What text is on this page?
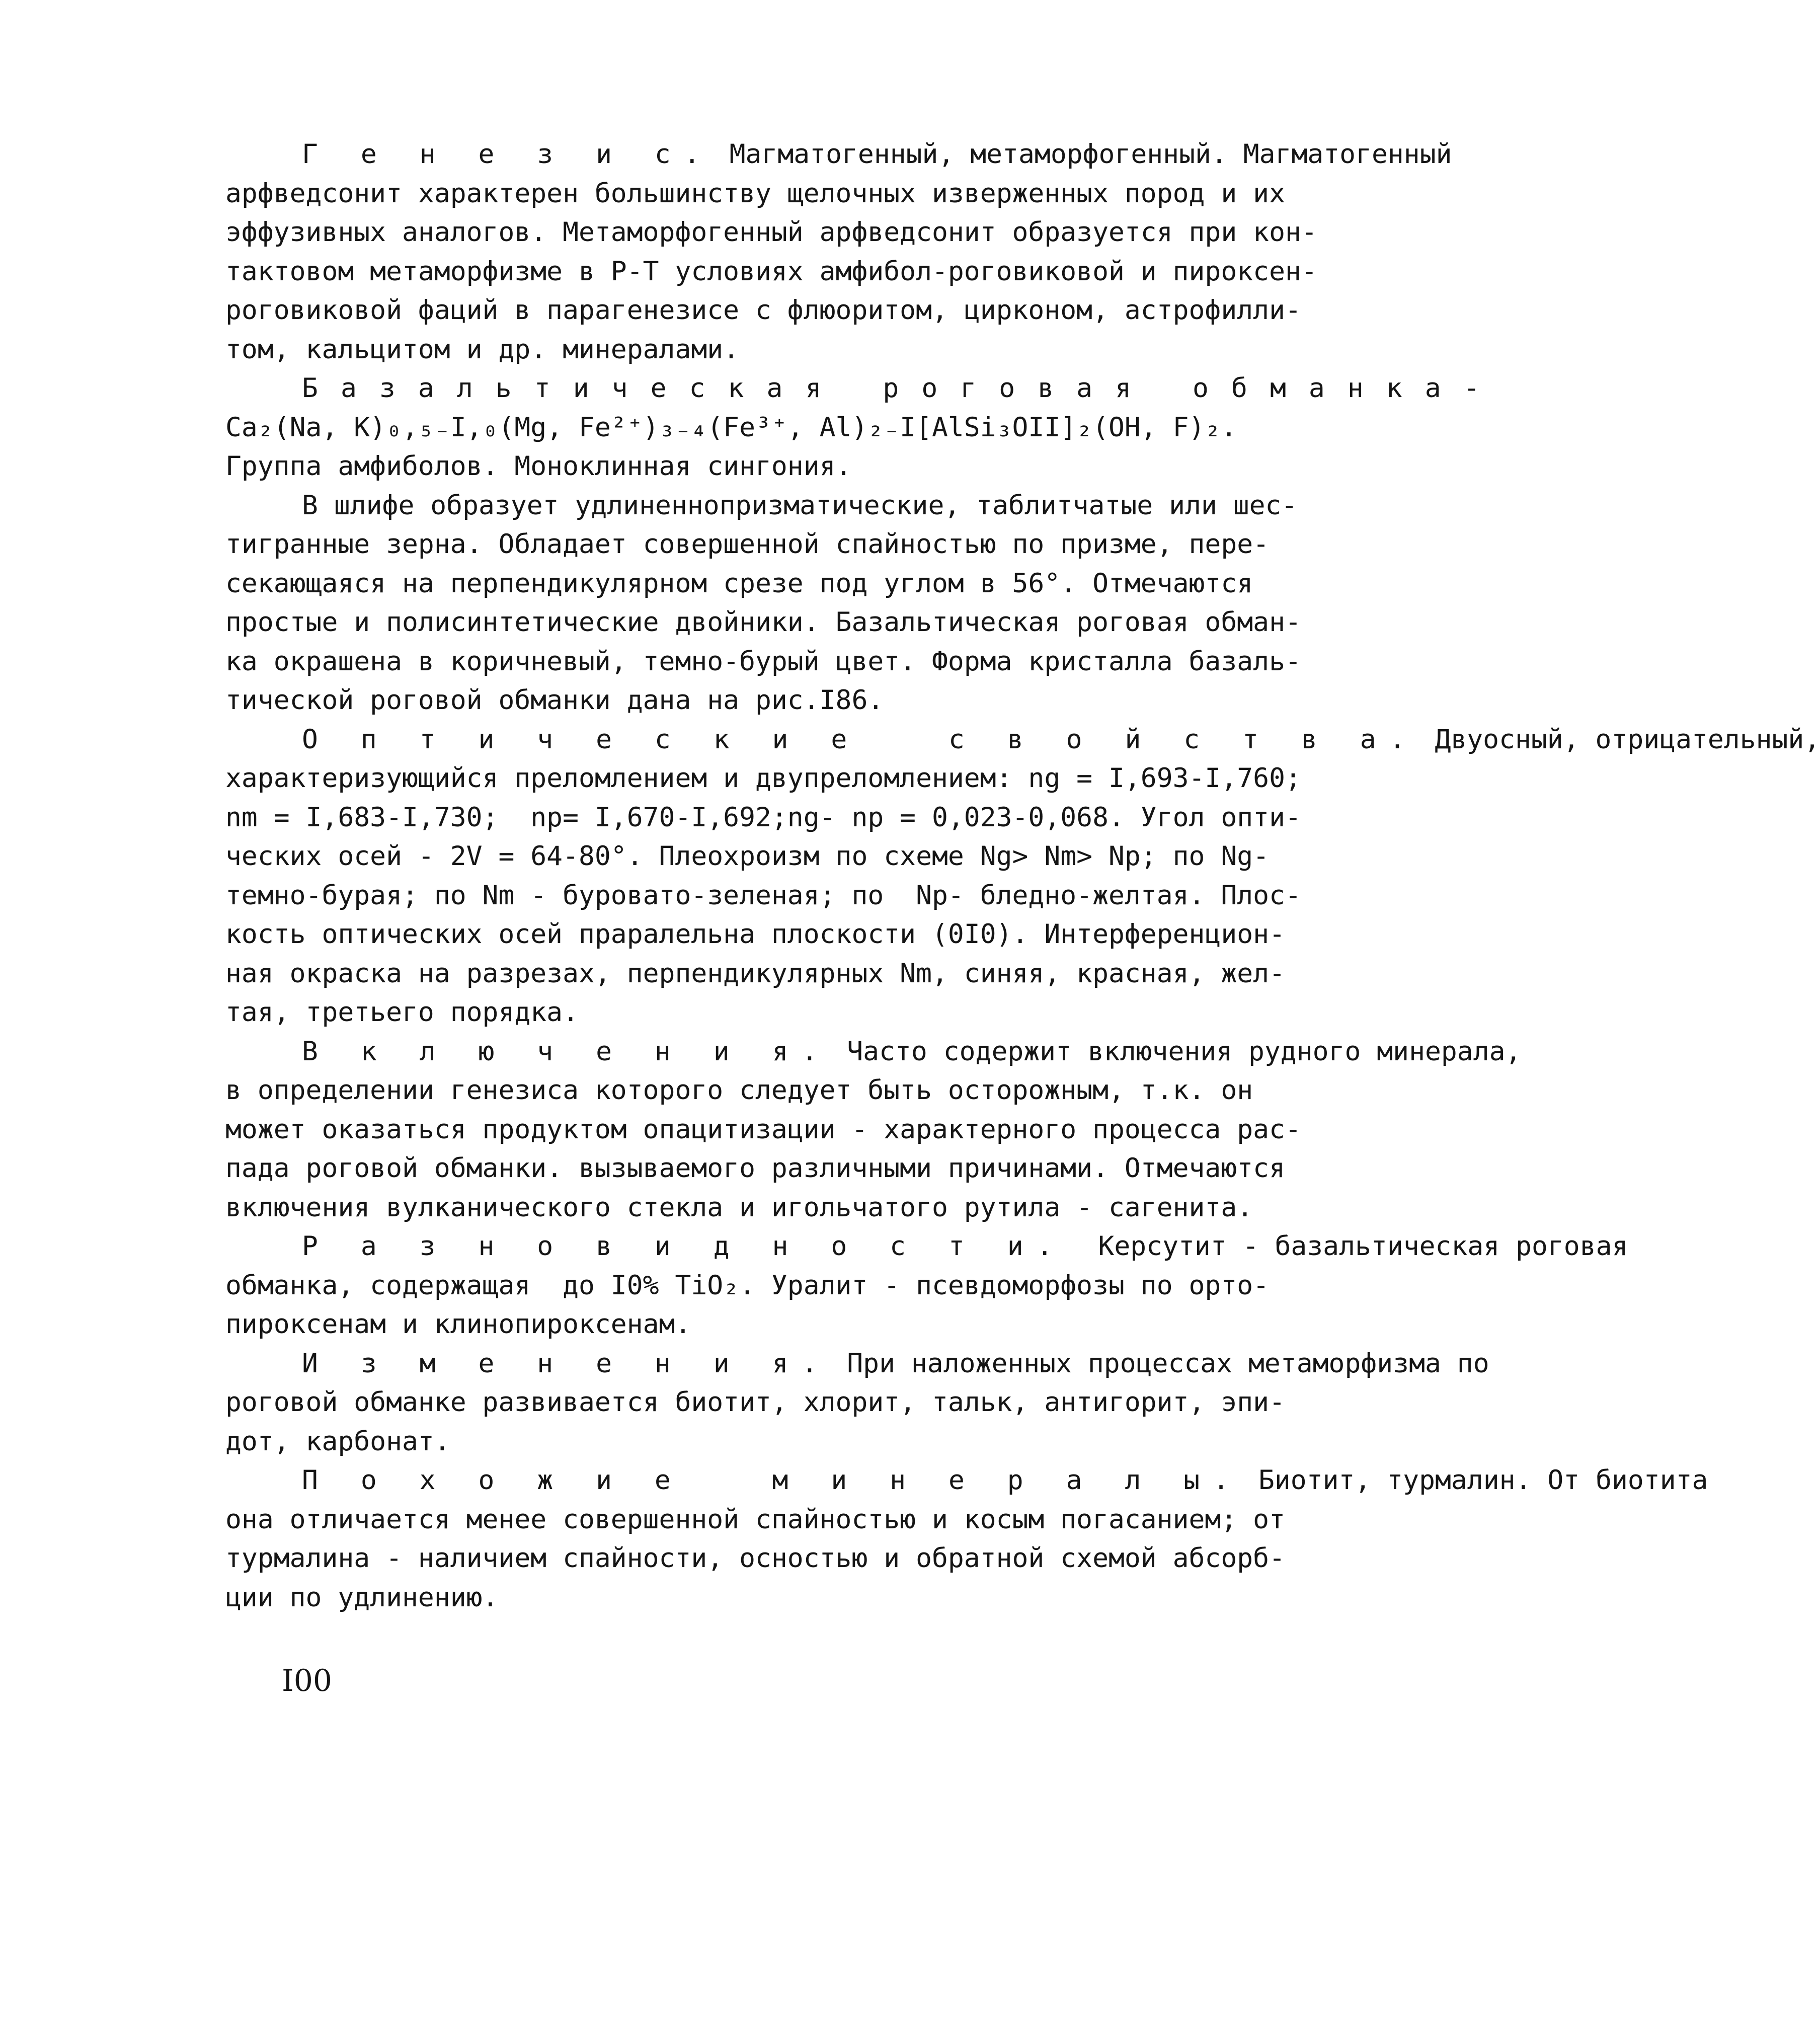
Г е н е з и с. Магматогенный, метаморфогенный. Магматогенный
арфведсонит характерен большинству щелочных изверженных пород и их
эффузивных аналогов. Метаморфогенный арфведсонит образуется при кон-
тактовом метаморфизме в Р-Т условиях амфибол-роговиковой и пироксен-
роговиковой фаций в парагенезисе с флюоритом, цирконом, астрофилли-
том, кальцитом и др. минералами.
Базальтическая роговая обманка-
Ca₂(Na, K)₀,₅₋I,₀(Mg, Fe²⁺)₃₋₄(Fe³⁺, Al)₂₋I[AlSi₃OII]₂(OH, F)₂.
Группа амфиболов. Моноклинная сингония.
В шлифе образует удлиненнопризматические, таблитчатые или шес-
тигранные зерна. Обладает совершенной спайностью по призме, пере-
секающаяся на перпендикулярном срезе под углом в 56°. Отмечаются
простые и полисинтетические двойники. Базальтическая роговая обман-
ка окрашена в коричневый, темно-бурый цвет. Форма кристалла базаль-
тической роговой обманки дана на рис.I86.
О п т и ч е с к и е   с в о й с т в а. Двуосный, отрицательный,
характеризующийся преломлением и двупреломлением: ng = I,693-I,760;
nm = I,683-I,730;  np= I,670-I,692;ng- np = 0,023-0,068. Угол опти-
ческих осей - 2V = 64-80°. Плеохроизм по схеме Ng> Nm> Np; по Ng-
темно-бурая; по Nm - буровато-зеленая; по  Np- бледно-желтая. Плос-
кость оптических осей праралельна плоскости (0I0). Интерференцион-
ная окраска на разрезах, перпендикулярных Nm, синяя, красная, жел-
тая, третьего порядка.
В к л ю ч е н и я. Часто содержит включения рудного минерала,
в определении генезиса которого следует быть осторожным, т.к. он
может оказаться продуктом опацитизации - характерного процесса рас-
пада роговой обманки. вызываемого различными причинами. Отмечаются
включения вулканического стекла и игольчатого рутила - сагенита.
Р а з н о в и д н о с т и.  Керсутит - базальтическая роговая
обманка, содержащая  до I0% TiO₂. Уралит - псевдоморфозы по орто-
пироксенам и клинопироксенам.
И з м е н е н и я. При наложенных процессах метаморфизма по
роговой обманке развивается биотит, хлорит, тальк, антигорит, эпи-
дот, карбонат.
П о х о ж и е   м и н е р а л ы. Биотит, турмалин. От биотита
она отличается менее совершенной спайностью и косым погасанием; от
турмалина - наличием спайности, осностью и обратной схемой абсорб-
ции по удлинению.
I00
